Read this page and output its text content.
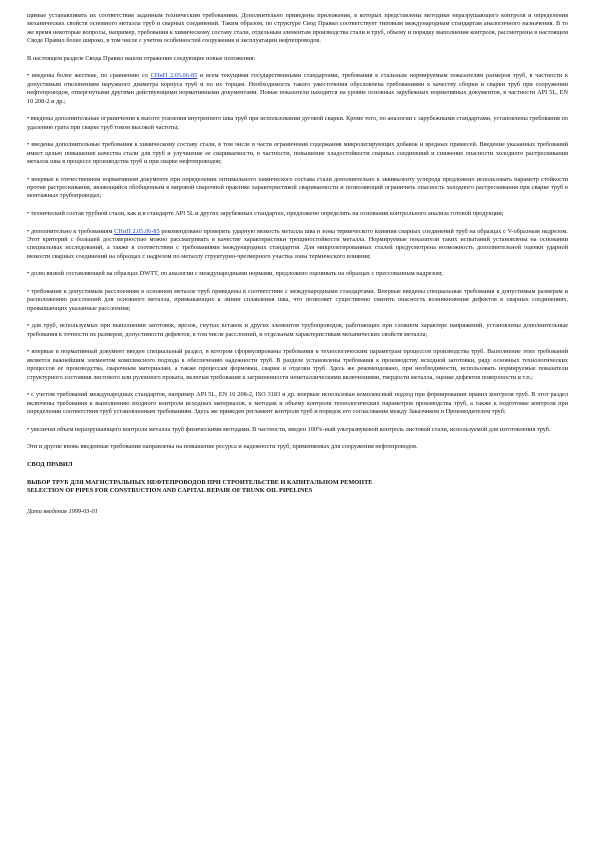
щимые устанавливать их соответствия заданным техническим требованиям. Дополнительно приведены приложения, в которых представлены методики неразрушающего контроля и определения механических свойств основного металла труб и сварных соединений. Таким образом, по структуре Свод Правил соответствует типовым международным стандартам аналогичного назначения. В то же время некоторые вопросы, например, требования к химическому составу стали, отдельным элементам производства стали и труб, объему и порядку выполнения контроля, рассмотрены в настоящем Своде Правил более широко, в том числе с учетом особенностей сооружения и эксплуатации нефтепроводов.

В настоящем разделе Свода Правил нашли отражение следующие новые положения:

• введены более жесткие, по сравнению со СНиП 2.05.06-85 и всем текущими государственными стандартами, требования к стальным нормируемым показателям размеров труб, в частности к допустимым отклонениям наружного диаметра корпуса труб и по их торцам. Необходимость такого ужесточения обусловлена требованиями к качеству сборки и сварки труб при сооружении нефтепроводов, отвергнутыми другими действующими нормативными документами. Новые показатели находятся на уровне основных зарубежных нормативных документов, в частности API 5L, EN 10 208-2 и др.;

• введены дополнительные ограничения к высоте усиления внутреннего шва труб при использовании дуговой сварки. Кроме того, по аналогии с зарубежными стандартами, установлены требования по удалению грата при сварке труб током высокой частоты;

• введены дополнительные требования к химическому составу стали, в том числе в части ограничения содержания микролегирующих добавок и вредных примесей. Введение указанных требований имеет целью повышение качества стали для труб и улучшение ее свариваемости, в частности, повышение хладостойкости сварных соединений и снижение опасности холодного растрескивания металла шва в процессе производства труб и при сварке нефтепроводов;

• впервые в отечественном нормативном документе при определении оптимального химического состава стали дополнительно к эквиваленту углерода предложено использовать параметр стойкости против растрескивания, являющийся обобщенным в мировой сварочной практике характеристикой свариваемости и позволяющий ограничить опасность холодного растрескивания при сварке труб в монтажных трубопроводах;

• технический состав трубной стали, как и в стандарте API 5L и других зарубежных стандартах, предложено определять на основании контрольного анализа готовой продукции;

• дополнительно к требованиям СНиП 2.05.06-85 рекомендовано проверять ударную вязкость металла шва и зоны термического влияния сварных соединений труб на образцах с V-образным надрезом. Этот критерий с большей достоверностью можно рассматривать в качестве характеристики трещиностойкости металла. Нормируемые показатели таких испытаний установлены на основании специальных исследований, а также в соответствии с требованиями международных стандартов. Для микролегированных сталей предусмотрена возможность дополнительной оценки ударной вязкости сварных соединений на образцах с надрезом по металлу структурно-чрезмерного участка зоны термического влияния;

• долю вязкой составляющей на образцах DWTT, по аналогии с международными нормами, предложено оценивать на образцах с прессованным надрезом;

• требования к допустимым расслоениям в основном металле труб приведены в соответствие с международными стандартами. Впервые введены специальные требования к допустимым размерам и расположению расслоений для основного металла, примыкающих к линии сплавления шва, что позволяет существенно снизить опасность возникновения дефектов в сварных соединениях, превышающих указанные расслоения;

• для труб, используемых при выполнении заготовок, врезок, гнутых вставок и других элементов трубопроводов, работающих при сложном характере напряжений, установлены дополнительные требования к точности их размеров, допустимости дефектов, в том числе расслоений, и отдельным характеристикам механических свойств металла;

• впервые в нормативный документ введен специальный раздел, в котором сформулированы требования к технологическим параметрам процессов производства труб. Выполнение этих требований является важнейшим элементом комплексного подхода к обеспечению надежности труб. В разделе установлены требования к производству исходной заготовки, ряду основных технологических процессов ее производства, сварочным материалам, а также процессам формовки, сварки и отделки труб. Здесь же рекомендовано, при необходимости, использовать нормируемые показатели структурного состояния листового или рулонного проката, включая требования к загрязненности неметаллическими включениями, твердости металла, оценке дефектов поверхности и т.п.;

• с учетом требований международных стандартов, например API 5L, EN 10 208-2, ISO 3183 и др. впервые использован комплексный подход при формировании правил контроля труб. В этот раздел включены требования к выполнению входного контроля исходных материалов, к методам и объему контроля технологических параметров производства труб, а также к подготовке контроля при определении соответствия труб установленным требованиям. Здесь же приведен регламент контроля труб и порядок его согласования между Заказчиком и Производителем труб;

• увеличен объем неразрушающего контроля металла труб физическими методами. В частности, введен 100%-ный ультразвуковой контроль листовой стали, используемой для изготовления труб.

Эти и другие вновь введенные требования направлены на повышение ресурса и надежности труб, применяемых для сооружения нефтепроводов.

СВОД ПРАВИЛ

ВЫБОР ТРУБ ДЛЯ МАГИСТРАЛЬНЫХ НЕФТЕПРОВОДОВ ПРИ СТРОИТЕЛЬСТВЕ И КАПИТАЛЬНОМ РЕМОНТЕ

SELECTION OF PIPES FOR CONSTRUCTION AND CAPITAL REPAIR OF TRUNK OIL PIPELINES

Дата введения 1999-03-01
